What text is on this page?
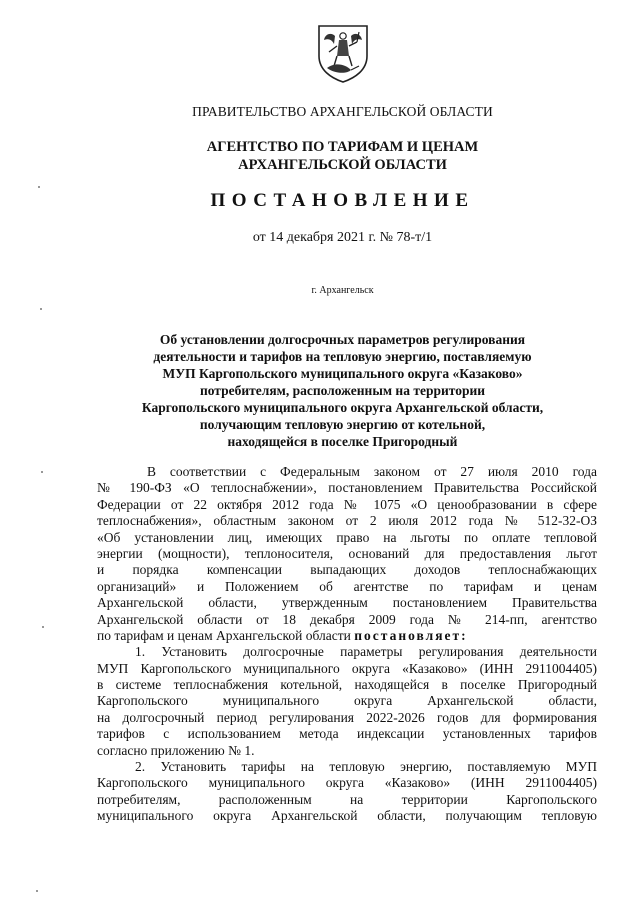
ПРАВИТЕЛЬСТВО АРХАНГЕЛЬСКОЙ ОБЛАСТИ
АГЕНТСТВО ПО ТАРИФАМ И ЦЕНАМ
АРХАНГЕЛЬСКОЙ ОБЛАСТИ
ПОСТАНОВЛЕНИЕ
от 14 декабря 2021 г. № 78-т/1
г. Архангельск
Об установлении долгосрочных параметров регулирования
деятельности и тарифов на тепловую энергию, поставляемую
МУП Каргопольского муниципального округа «Казаково»
потребителям, расположенным на территории
Каргопольского муниципального округа Архангельской области,
получающим тепловую энергию от котельной,
находящейся в поселке Пригородный
В соответствии с Федеральным законом от 27 июля 2010 года
№ 190-ФЗ «О теплоснабжении», постановлением Правительства Российской
Федерации от 22 октября 2012 года № 1075 «О ценообразовании в сфере
теплоснабжения», областным законом от 2 июля 2012 года № 512-32-ОЗ
«Об установлении лиц, имеющих право на льготы по оплате тепловой
энергии (мощности), теплоносителя, оснований для предоставления льгот
и порядка компенсации выпадающих доходов теплоснабжающих
организаций» и Положением об агентстве по тарифам и ценам
Архангельской области, утвержденным постановлением Правительства
Архангельской области от 18 декабря 2009 года № 214-пп, агентство
по тарифам и ценам Архангельской области постановляет:
1. Установить долгосрочные параметры регулирования деятельности
МУП Каргопольского муниципального округа «Казаково» (ИНН 2911004405)
в системе теплоснабжения котельной, находящейся в поселке Пригородный
Каргопольского муниципального округа Архангельской области,
на долгосрочный период регулирования 2022-2026 годов для формирования
тарифов с использованием метода индексации установленных тарифов
согласно приложению № 1.
2. Установить тарифы на тепловую энергию, поставляемую МУП
Каргопольского муниципального округа «Казаково» (ИНН 2911004405)
потребителям, расположенным на территории Каргопольского
муниципального округа Архангельской области, получающим тепловую
